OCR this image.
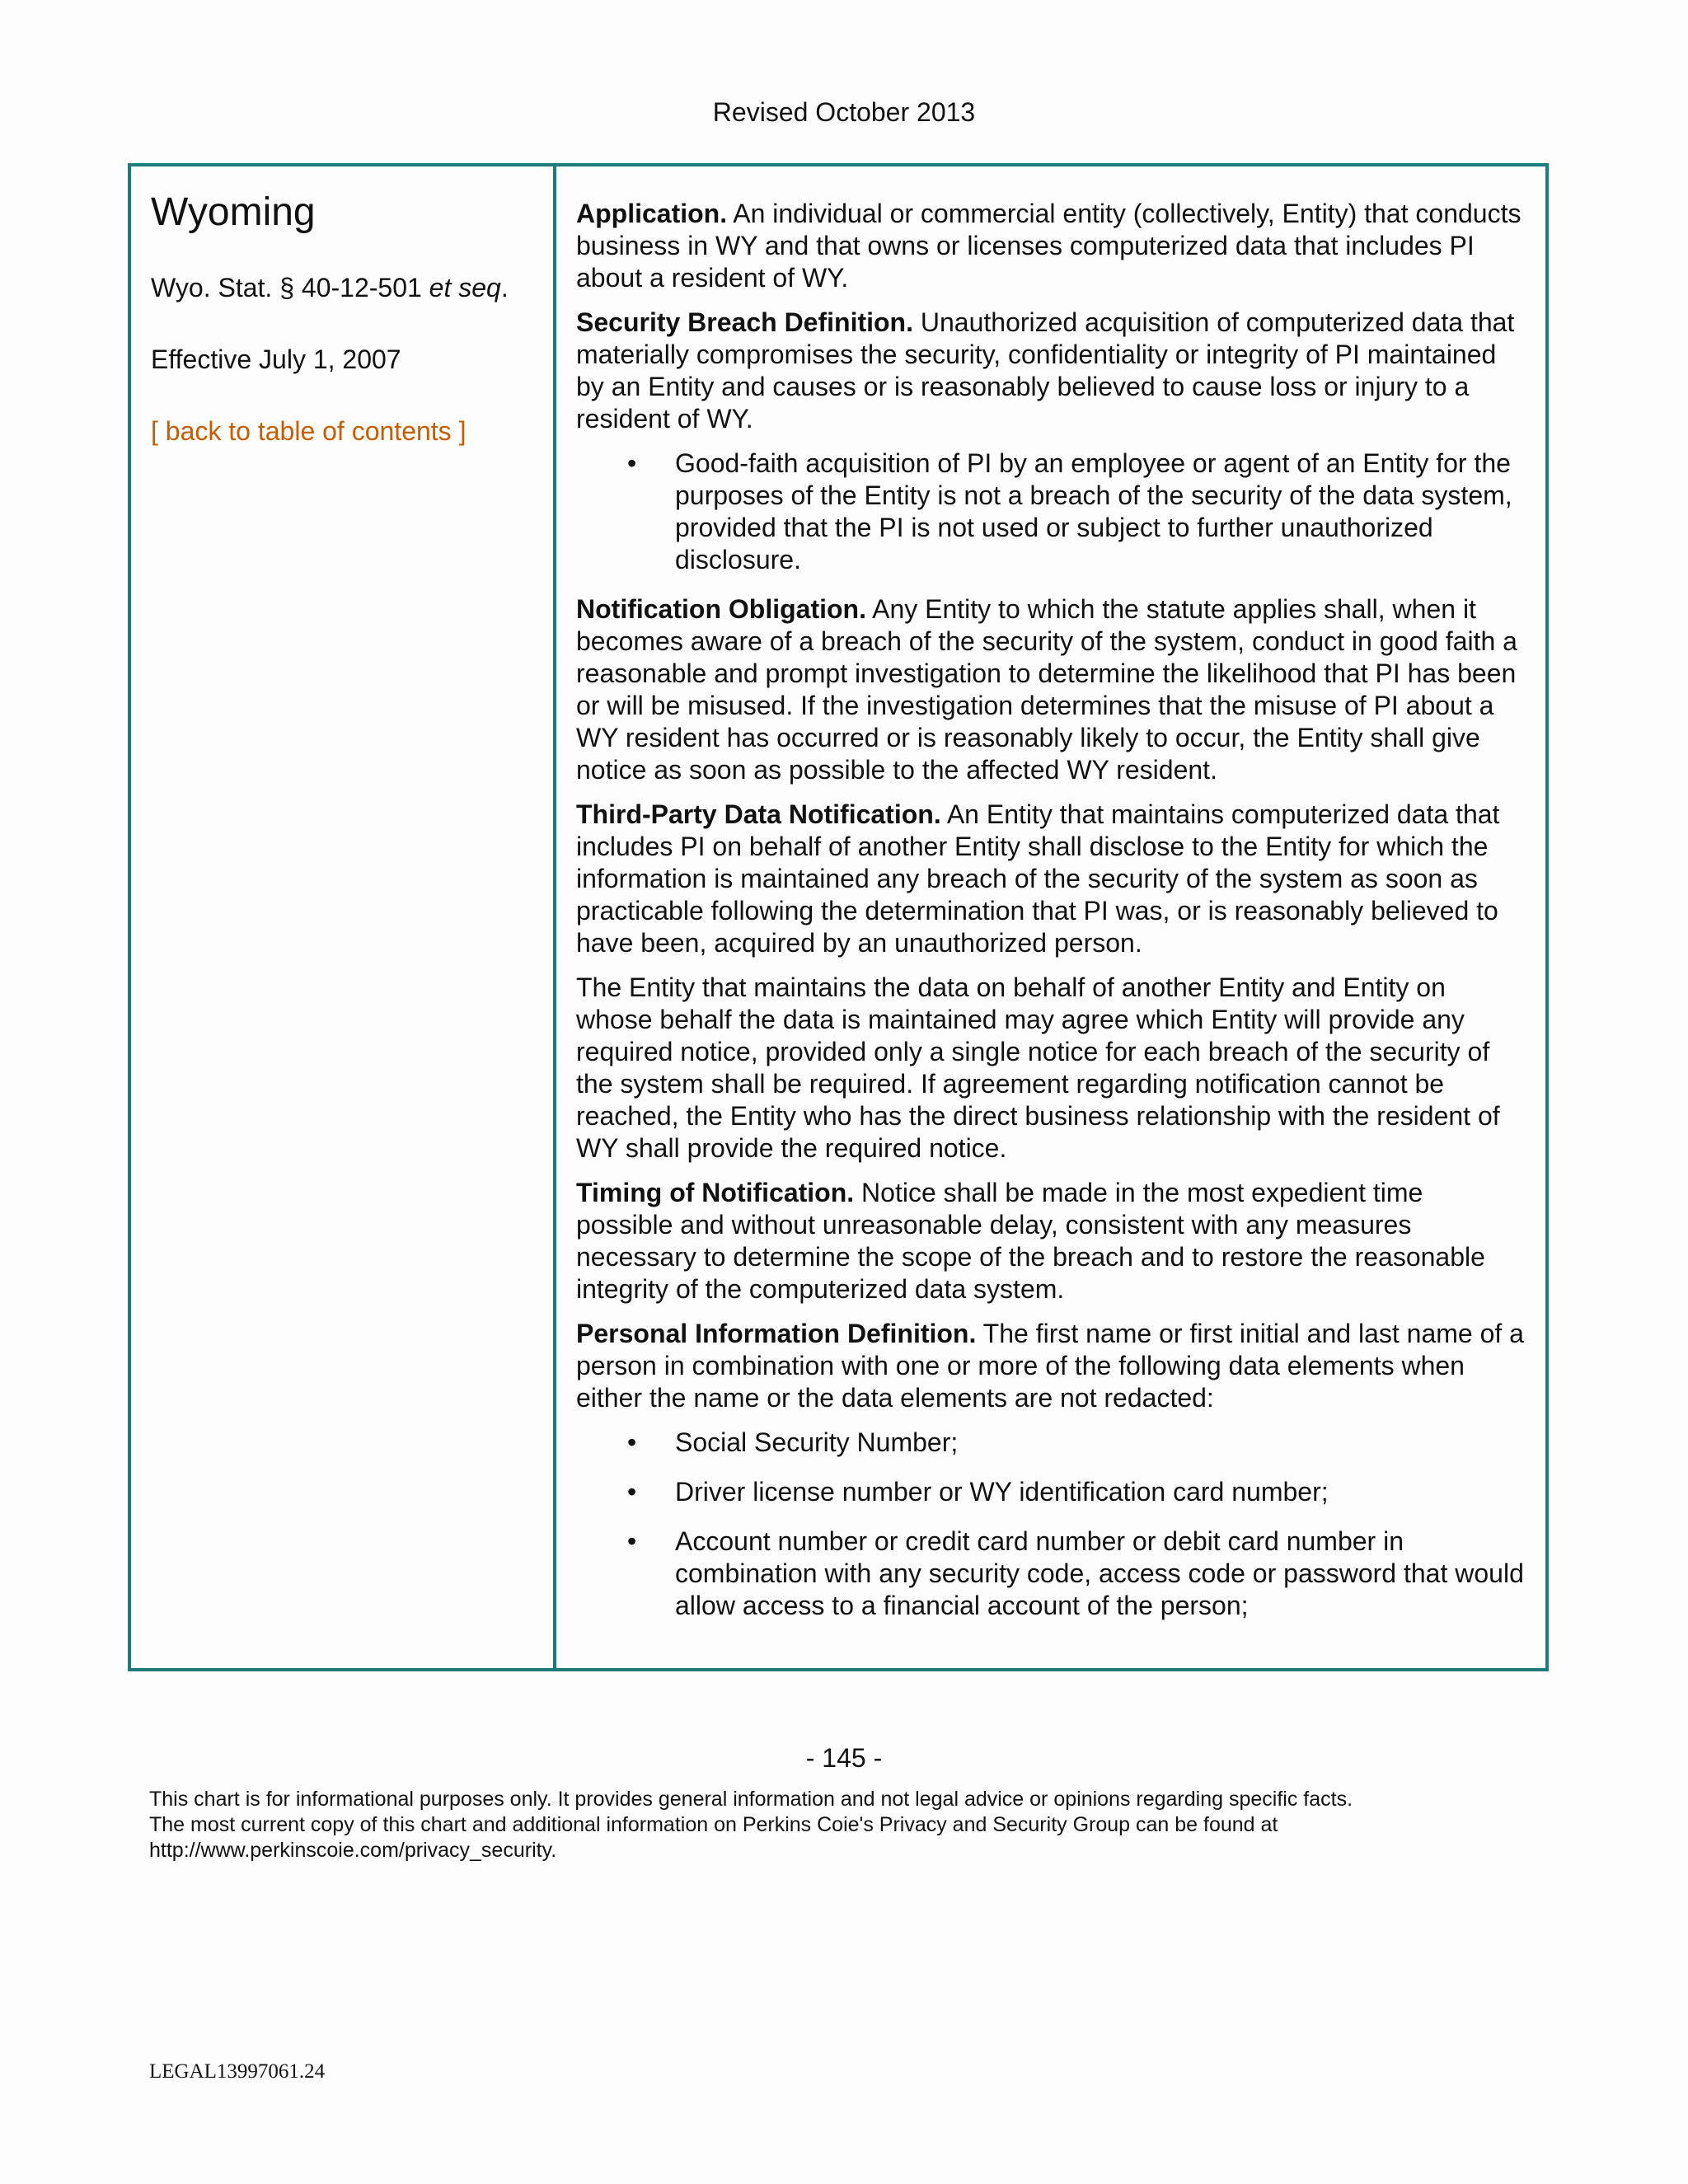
Revised October 2013
Wyoming

Wyo. Stat. § 40-12-501 et seq.

Effective July 1, 2007

[ back to table of contents ]

Application. An individual or commercial entity (collectively, Entity) that conducts business in WY and that owns or licenses computerized data that includes PI about a resident of WY.

Security Breach Definition. Unauthorized acquisition of computerized data that materially compromises the security, confidentiality or integrity of PI maintained by an Entity and causes or is reasonably believed to cause loss or injury to a resident of WY.

• Good-faith acquisition of PI by an employee or agent of an Entity for the purposes of the Entity is not a breach of the security of the data system, provided that the PI is not used or subject to further unauthorized disclosure.

Notification Obligation. Any Entity to which the statute applies shall, when it becomes aware of a breach of the security of the system, conduct in good faith a reasonable and prompt investigation to determine the likelihood that PI has been or will be misused. If the investigation determines that the misuse of PI about a WY resident has occurred or is reasonably likely to occur, the Entity shall give notice as soon as possible to the affected WY resident.

Third-Party Data Notification. An Entity that maintains computerized data that includes PI on behalf of another Entity shall disclose to the Entity for which the information is maintained any breach of the security of the system as soon as practicable following the determination that PI was, or is reasonably believed to have been, acquired by an unauthorized person.

The Entity that maintains the data on behalf of another Entity and Entity on whose behalf the data is maintained may agree which Entity will provide any required notice, provided only a single notice for each breach of the security of the system shall be required. If agreement regarding notification cannot be reached, the Entity who has the direct business relationship with the resident of WY shall provide the required notice.

Timing of Notification. Notice shall be made in the most expedient time possible and without unreasonable delay, consistent with any measures necessary to determine the scope of the breach and to restore the reasonable integrity of the computerized data system.

Personal Information Definition. The first name or first initial and last name of a person in combination with one or more of the following data elements when either the name or the data elements are not redacted:

• Social Security Number;
• Driver license number or WY identification card number;
• Account number or credit card number or debit card number in combination with any security code, access code or password that would allow access to a financial account of the person;
- 145 -
This chart is for informational purposes only. It provides general information and not legal advice or opinions regarding specific facts.
The most current copy of this chart and additional information on Perkins Coie's Privacy and Security Group can be found at
http://www.perkinscoie.com/privacy_security.
LEGAL13997061.24
